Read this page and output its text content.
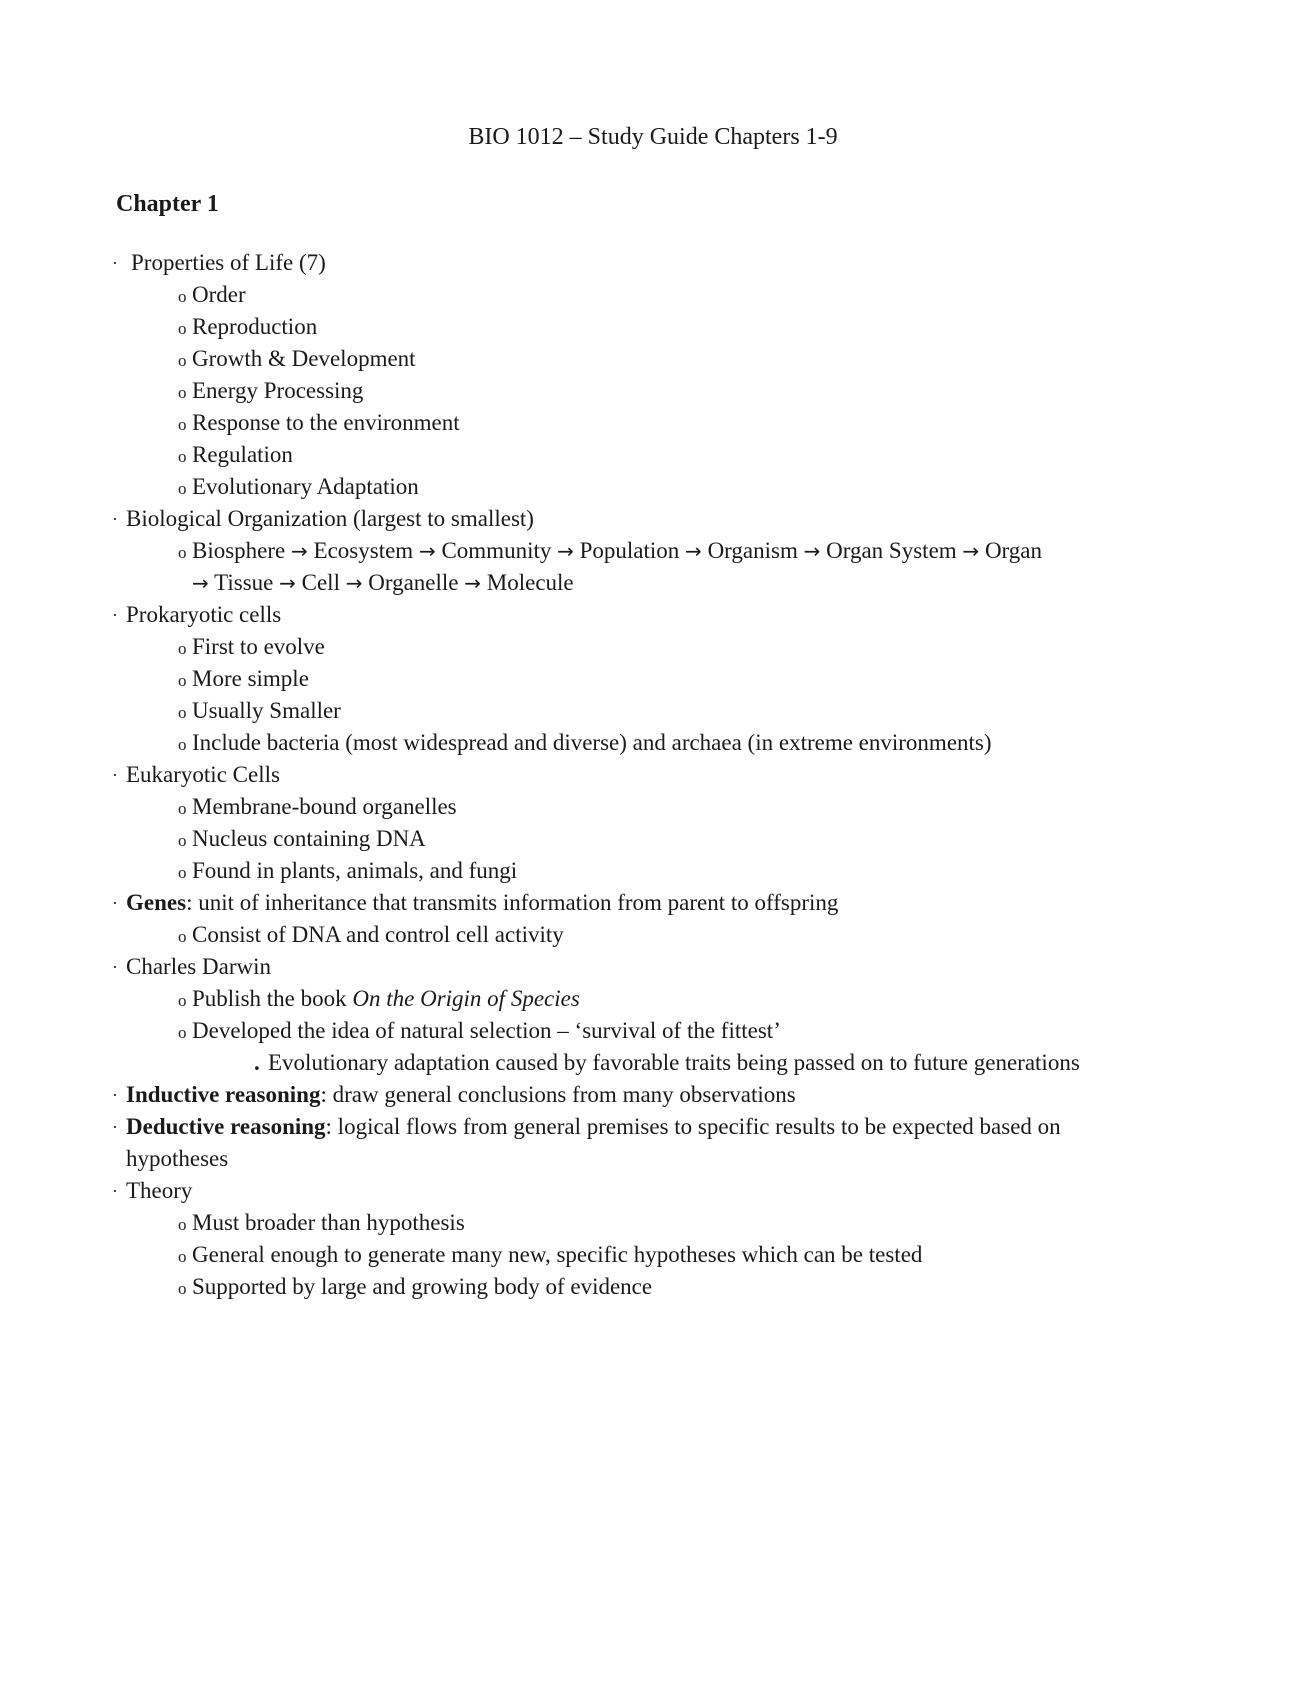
BIO 1012 – Study Guide Chapters 1-9
Chapter 1
· Properties of Life (7)
o Order
o Reproduction
o Growth & Development
o Energy Processing
o Response to the environment
o Regulation
o Evolutionary Adaptation
· Biological Organization (largest to smallest)
o Biosphere → Ecosystem → Community → Population → Organism → Organ System → Organ
→ Tissue → Cell → Organelle → Molecule
· Prokaryotic cells
o First to evolve
o More simple
o Usually Smaller
o Include bacteria (most widespread and diverse) and archaea (in extreme environments)
· Eukaryotic Cells
o Membrane-bound organelles
o Nucleus containing DNA
o Found in plants, animals, and fungi
· Genes: unit of inheritance that transmits information from parent to offspring
o Consist of DNA and control cell activity
· Charles Darwin
o Publish the book On the Origin of Species
o Developed the idea of natural selection – ‘survival of the fittest’
. Evolutionary adaptation caused by favorable traits being passed on to future generations
· Inductive reasoning: draw general conclusions from many observations
· Deductive reasoning: logical flows from general premises to specific results to be expected based on
hypotheses
· Theory
o Must broader than hypothesis
o General enough to generate many new, specific hypotheses which can be tested
o Supported by large and growing body of evidence
